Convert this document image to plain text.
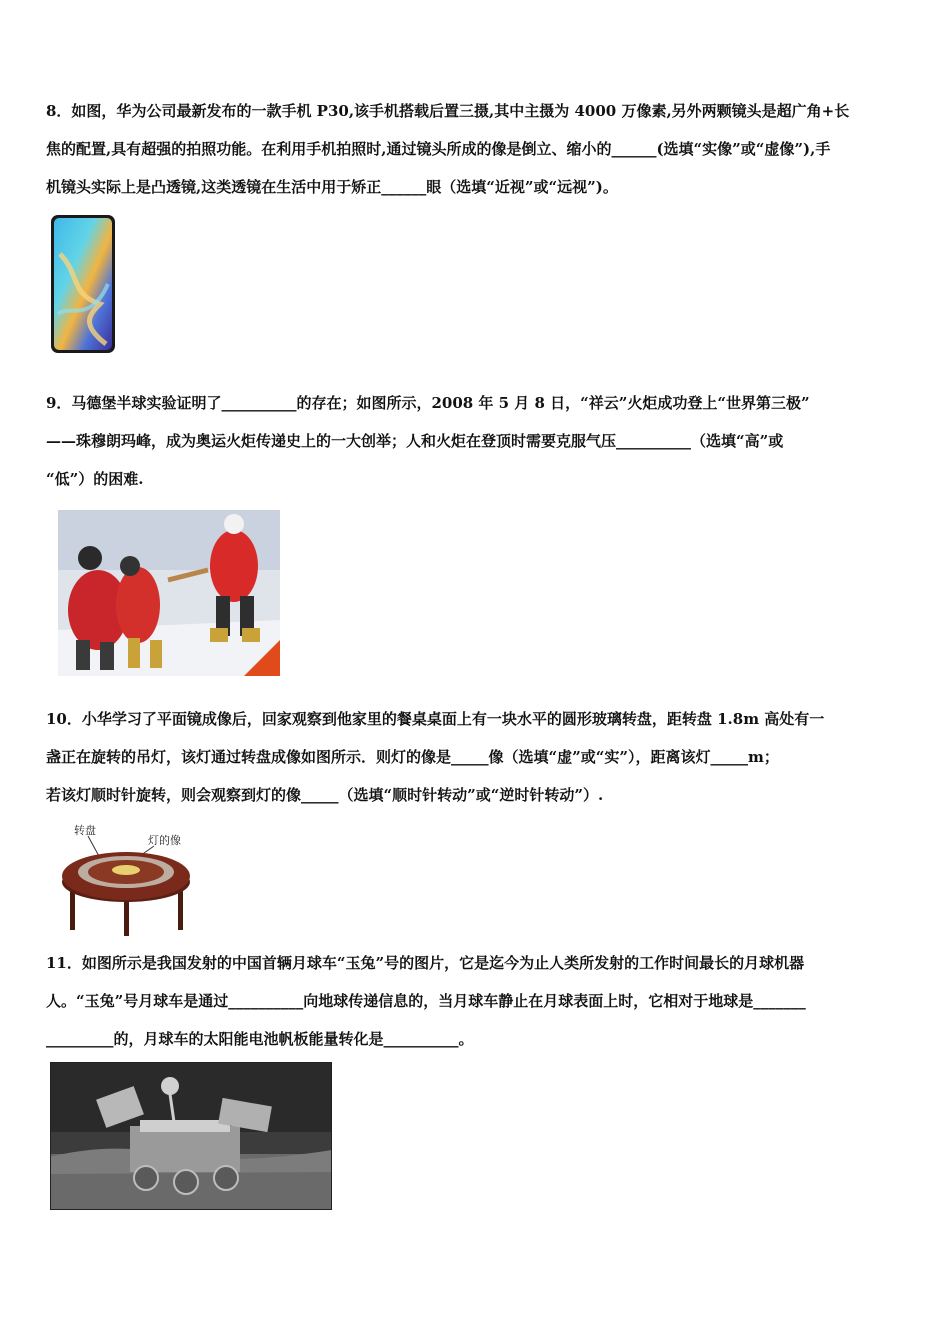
8．如图，华为公司最新发布的一款手机 P30,该手机搭载后置三摄,其中主摄为 4000 万像素,另外两颗镜头是超广角+长

焦的配置,具有超强的拍照功能。在利用手机拍照时,通过镜头所成的像是倒立、缩小的______(选填“实像”或“虚像”),手

机镜头实际上是凸透镜,这类透镜在生活中用于矫正______眼（选填“近视”或“远视”)。

9．马德堡半球实验证明了__________的存在；如图所示，2008 年 5 月 8 日，“祥云”火炬成功登上“世界第三极”

——珠穆朗玛峰，成为奥运火炬传递史上的一大创举；人和火炬在登顶时需要克服气压__________（选填“高”或

“低”）的困难.

10．小华学习了平面镜成像后，回家观察到他家里的餐桌桌面上有一块水平的圆形玻璃转盘，距转盘 1.8m 高处有一

盏正在旋转的吊灯，该灯通过转盘成像如图所示．则灯的像是_____像（选填“虚”或“实”），距离该灯_____m；

若该灯顺时针旋转，则会观察到灯的像_____（选填“顺时针转动”或“逆时针转动”）.

转盘
灯的像

11．如图所示是我国发射的中国首辆月球车“玉兔”号的图片，它是迄今为止人类所发射的工作时间最长的月球机器

人。“玉兔”号月球车是通过__________向地球传递信息的，当月球车静止在月球表面上时，它相对于地球是_______

_________的，月球车的太阳能电池帆板能量转化是__________。
